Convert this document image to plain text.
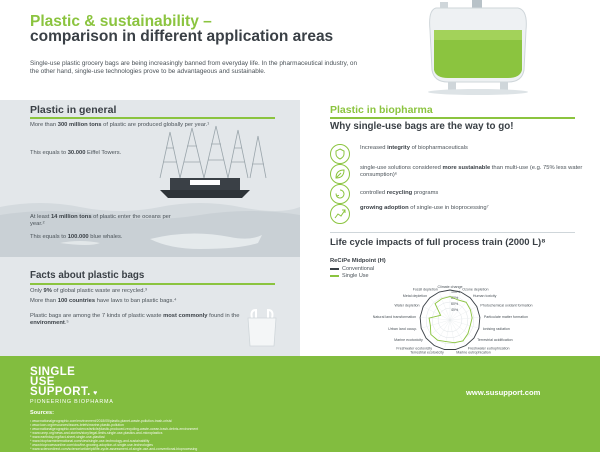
Plastic & sustainability –
comparison in different application areas
Single-use plastic grocery bags are being increasingly banned from everyday life. In the pharmaceutical industry, on the other hand, single-use technologies prove to be advantageous and sustainable.
Plastic in general
More than 300 million tons of plastic are produced globally per year.¹
This equals to 30.000 Eiffel Towers.
At least 14 million tons of plastic enter the oceans per year.²
This equals to 100.000 blue whales.
Facts about plastic bags
Only 9% of global plastic waste are recycled.³
More than 100 countries have laws to ban plastic bags.⁴
Plastic bags are among the 7 kinds of plastic waste most commonly found in the environment.⁵
Plastic in biopharma
Why single-use bags are the way to go!
Increased integrity of biopharmaceuticals
single-use solutions considered more sustainable than multi-use (e.g. 75% less water consumption)⁶
controlled recycling programs
growing adoption of single-use in bioprocessing⁷
Life cycle impacts of full process train (2000 L)⁸
ReCiPe Midpoint (H)
Conventional
Single Use
100%
80%
60%
40%
Climate change
Ozone depletion
Human toxicity
Photochemical oxidant formation
Particulate matter formation
Ionising radiation
Terrestrial acidification
Freshwater eutrophication
Marine eutrophication
Terrestrial ecotoxicity
Freshwater ecotoxicity
Marine ecotoxicity
Urban land occup.
Natural land transformation
Water depletion
Metal depletion
Fossil depletion
SINGLE
USE
SUPPORT. ♥
PIONEERING BIOPHARMA
www.susupport.com
Sources:
¹ www.nationalgeographic.com/environment/2018/05/plastic-planet-waste-pollution-trash-crisis/
² www.iucn.org/resources/issues-briefs/marine-plastic-pollution
³ www.nationalgeographic.com/science/article/plastic-produced-recycling-waste-ocean-trash-debris-environment
⁴ www.unep.org/news-and-stories/story/legal-limits-single-use-plastics-and-microplastics
⁵ www.earthday.org/fact-sheet-single-use-plastics/
⁶ www.biopharminternational.com/view/single-use-technology-and-sustainability
⁷ www.bioprocessonline.com/doc/the-growing-adoption-of-single-use-technologies
⁸ www.sciencedirect.com/science/article/pii/life-cycle-assessment-of-single-use-and-conventional-bioprocessing
